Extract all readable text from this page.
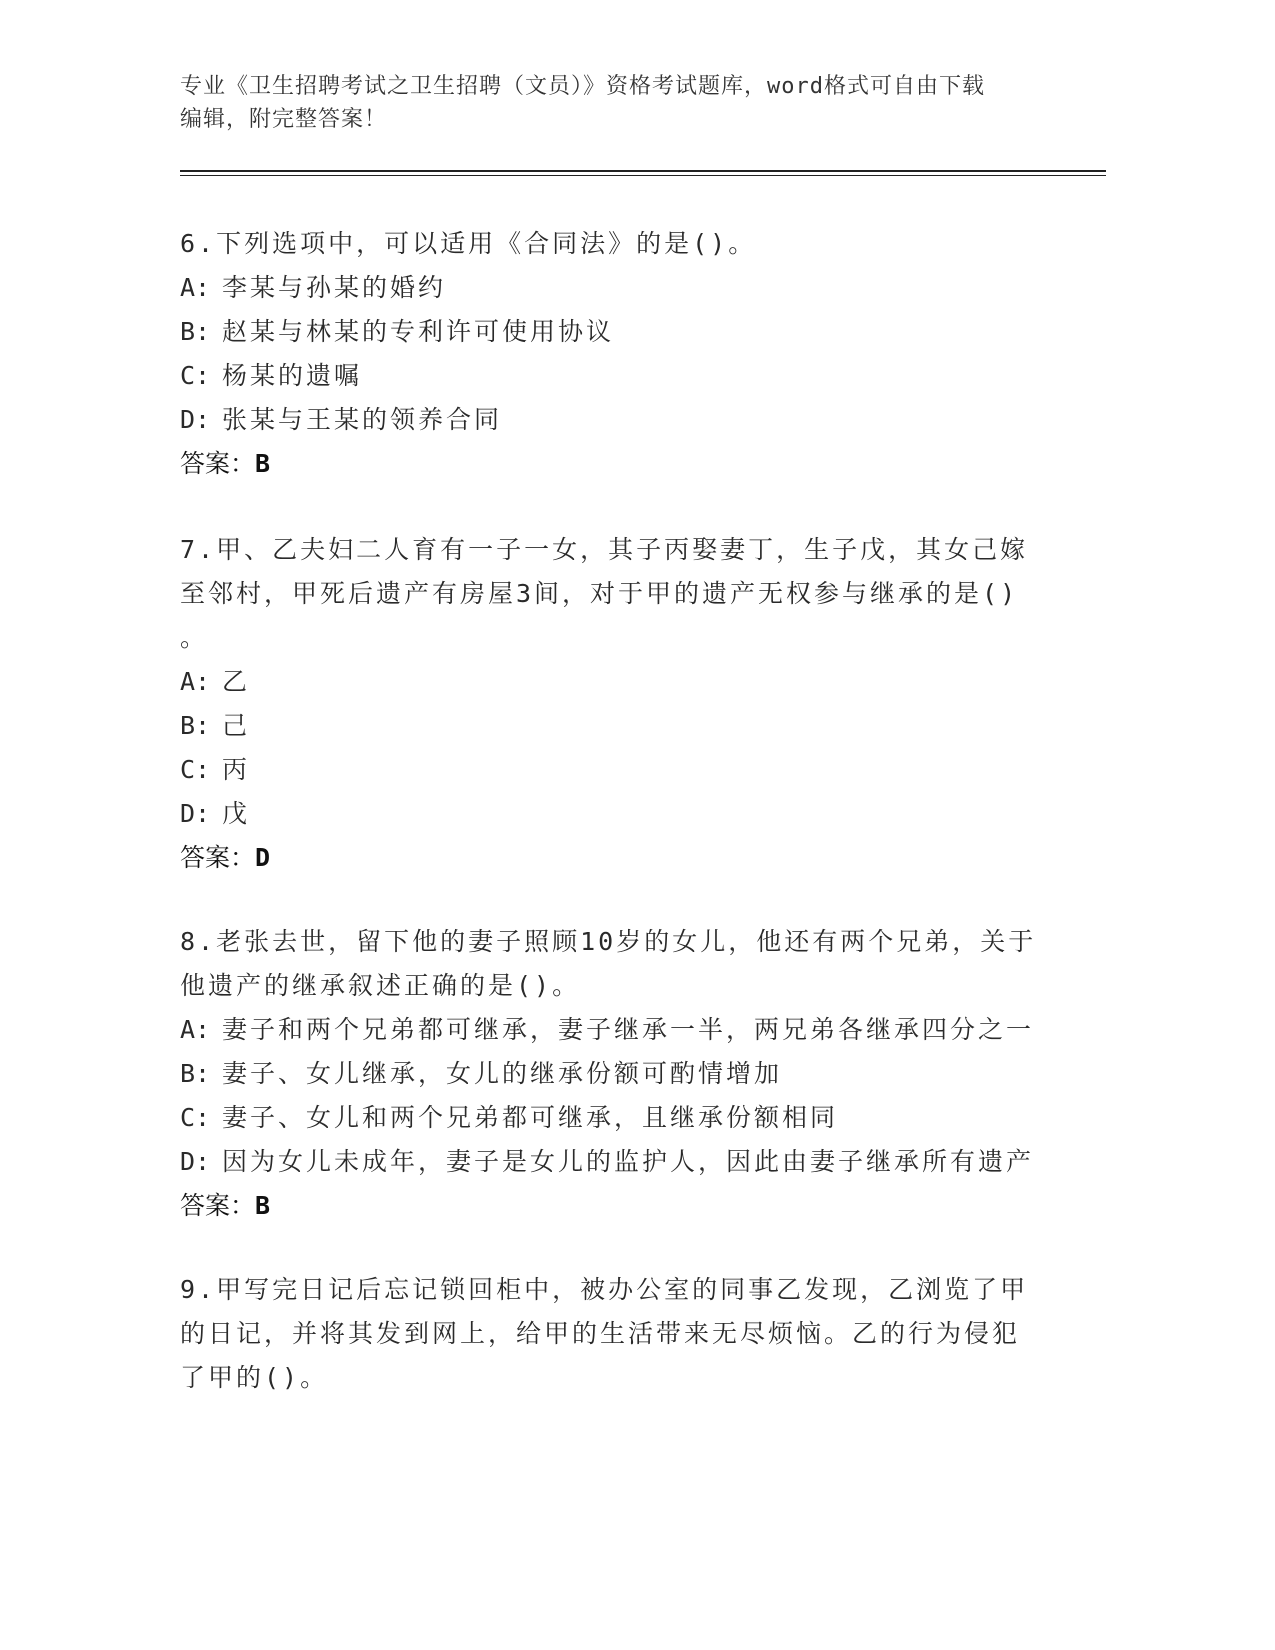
专业《卫生招聘考试之卫生招聘（文员）》资格考试题库，word格式可自由下载
编辑，附完整答案！
6.下列选项中，可以适用《合同法》的是()。
A: 李某与孙某的婚约
B: 赵某与林某的专利许可使用协议
C: 杨某的遗嘱
D: 张某与王某的领养合同
答案：B
7.甲、乙夫妇二人育有一子一女，其子丙娶妻丁，生子戊，其女己嫁
至邻村，甲死后遗产有房屋3间，对于甲的遗产无权参与继承的是()
。
A: 乙
B: 己
C: 丙
D: 戊
答案：D
8.老张去世，留下他的妻子照顾10岁的女儿，他还有两个兄弟，关于
他遗产的继承叙述正确的是()。
A: 妻子和两个兄弟都可继承，妻子继承一半，两兄弟各继承四分之一
B: 妻子、女儿继承，女儿的继承份额可酌情增加
C: 妻子、女儿和两个兄弟都可继承，且继承份额相同
D: 因为女儿未成年，妻子是女儿的监护人，因此由妻子继承所有遗产
答案：B
9.甲写完日记后忘记锁回柜中，被办公室的同事乙发现，乙浏览了甲
的日记，并将其发到网上，给甲的生活带来无尽烦恼。乙的行为侵犯
了甲的()。
